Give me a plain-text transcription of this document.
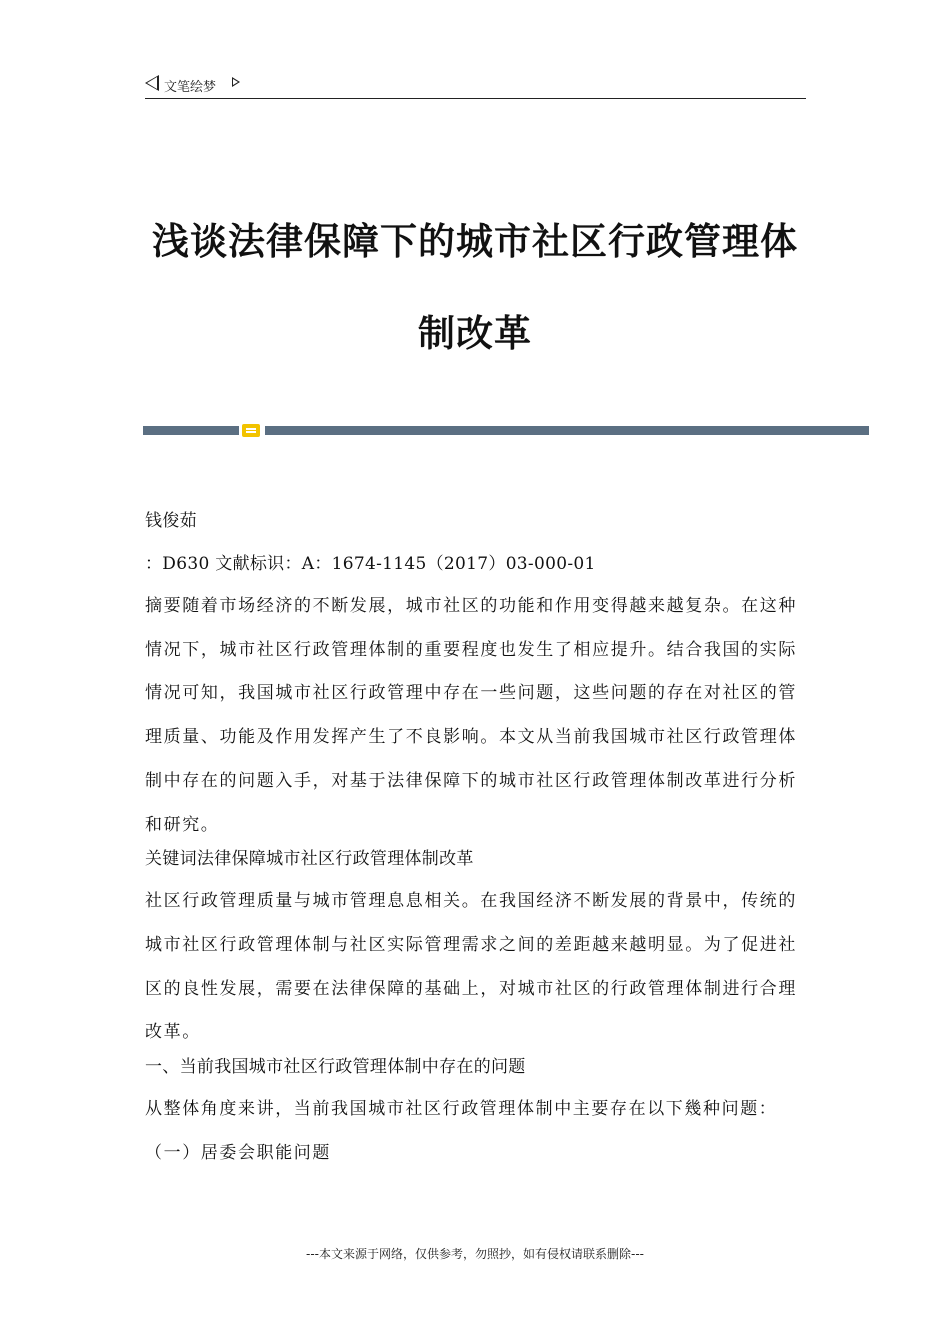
文笔绘梦
浅谈法律保障下的城市社区行政管理体
制改革

钱俊茹

：D630 文献标识：A：1674-1145（2017）03-000-01

摘要随着市场经济的不断发展，城市社区的功能和作用变得越来越复杂。在这种情况下，城市社区行政管理体制的重要程度也发生了相应提升。结合我国的实际情况可知，我国城市社区行政管理中存在一些问题，这些问题的存在对社区的管理质量、功能及作用发挥产生了不良影响。本文从当前我国城市社区行政管理体制中存在的问题入手，对基于法律保障下的城市社区行政管理体制改革进行分析和研究。

关键词法律保障城市社区行政管理体制改革

社区行政管理质量与城市管理息息相关。在我国经济不断发展的背景中，传统的城市社区行政管理体制与社区实际管理需求之间的差距越来越明显。为了促进社区的良性发展，需要在法律保障的基础上，对城市社区的行政管理体制进行合理改革。

一、当前我国城市社区行政管理体制中存在的问题

从整体角度来讲，当前我国城市社区行政管理体制中主要存在以下幾种问题：

（一）居委会职能问题

---本文来源于网络，仅供参考，勿照抄，如有侵权请联系删除---
